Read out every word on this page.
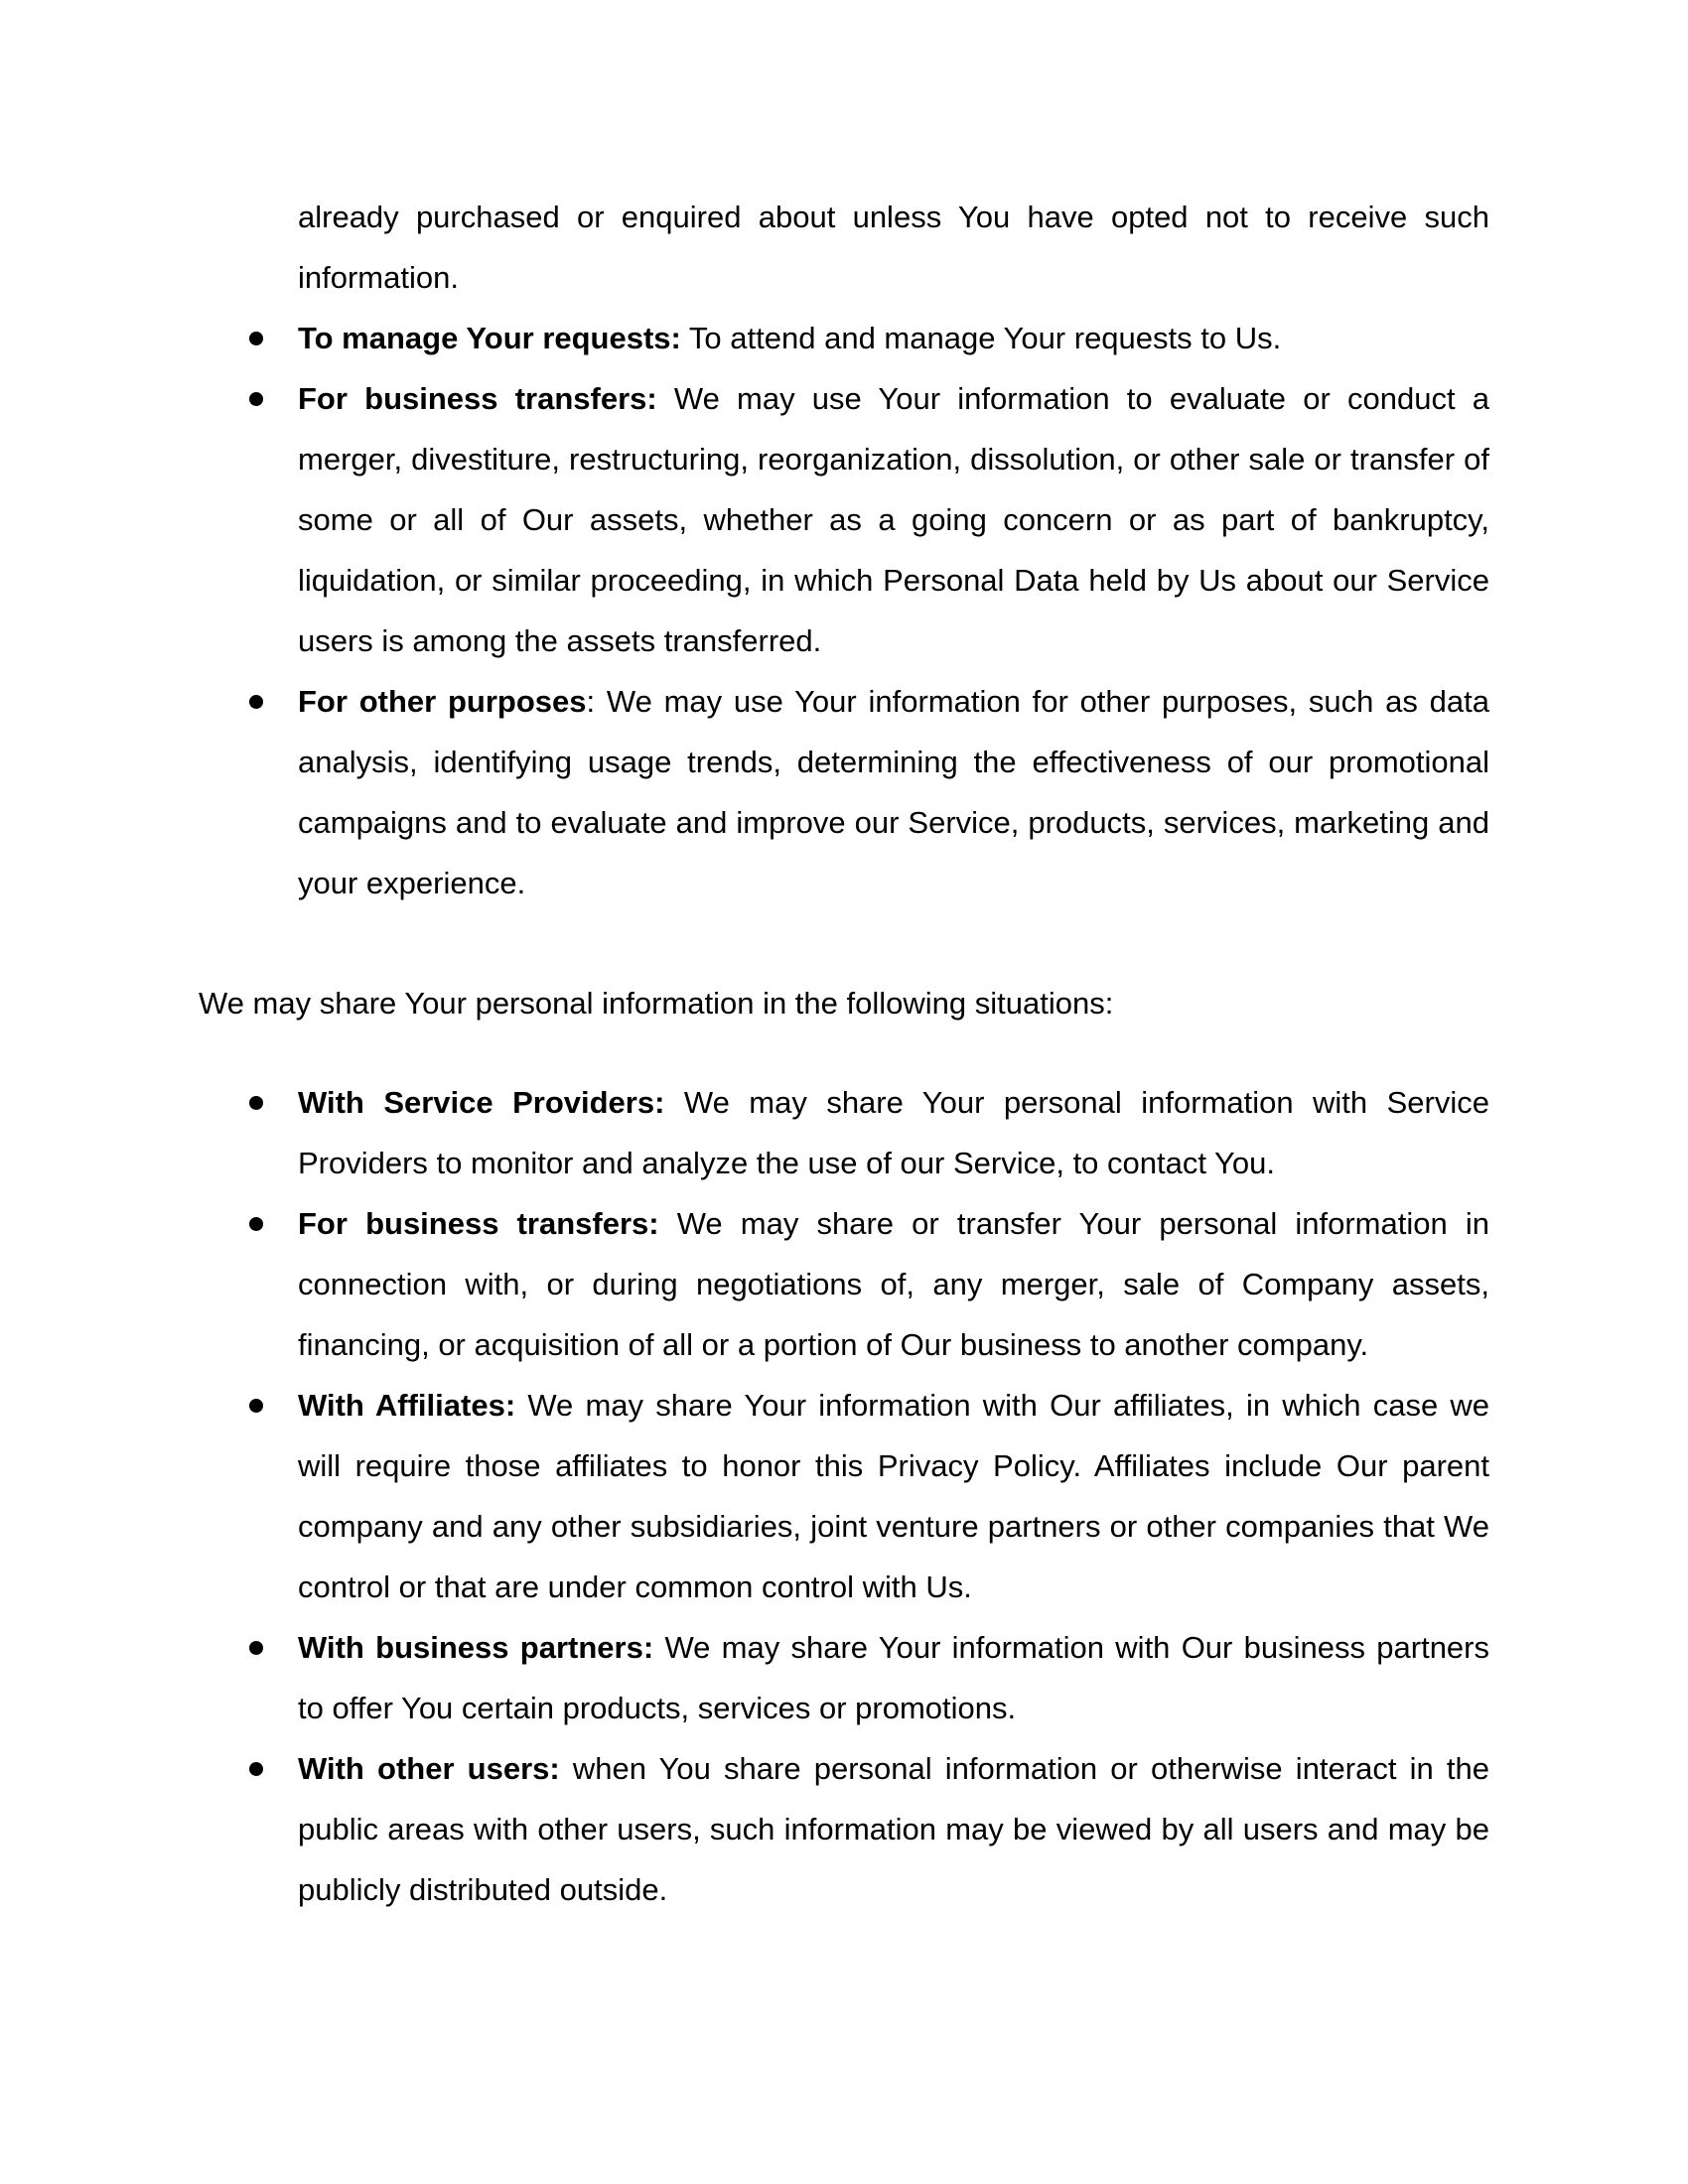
already purchased or enquired about unless You have opted not to receive such information.
To manage Your requests: To attend and manage Your requests to Us.
For business transfers: We may use Your information to evaluate or conduct a merger, divestiture, restructuring, reorganization, dissolution, or other sale or transfer of some or all of Our assets, whether as a going concern or as part of bankruptcy, liquidation, or similar proceeding, in which Personal Data held by Us about our Service users is among the assets transferred.
For other purposes: We may use Your information for other purposes, such as data analysis, identifying usage trends, determining the effectiveness of our promotional campaigns and to evaluate and improve our Service, products, services, marketing and your experience.
We may share Your personal information in the following situations:
With Service Providers: We may share Your personal information with Service Providers to monitor and analyze the use of our Service, to contact You.
For business transfers: We may share or transfer Your personal information in connection with, or during negotiations of, any merger, sale of Company assets, financing, or acquisition of all or a portion of Our business to another company.
With Affiliates: We may share Your information with Our affiliates, in which case we will require those affiliates to honor this Privacy Policy. Affiliates include Our parent company and any other subsidiaries, joint venture partners or other companies that We control or that are under common control with Us.
With business partners: We may share Your information with Our business partners to offer You certain products, services or promotions.
With other users: when You share personal information or otherwise interact in the public areas with other users, such information may be viewed by all users and may be publicly distributed outside.
